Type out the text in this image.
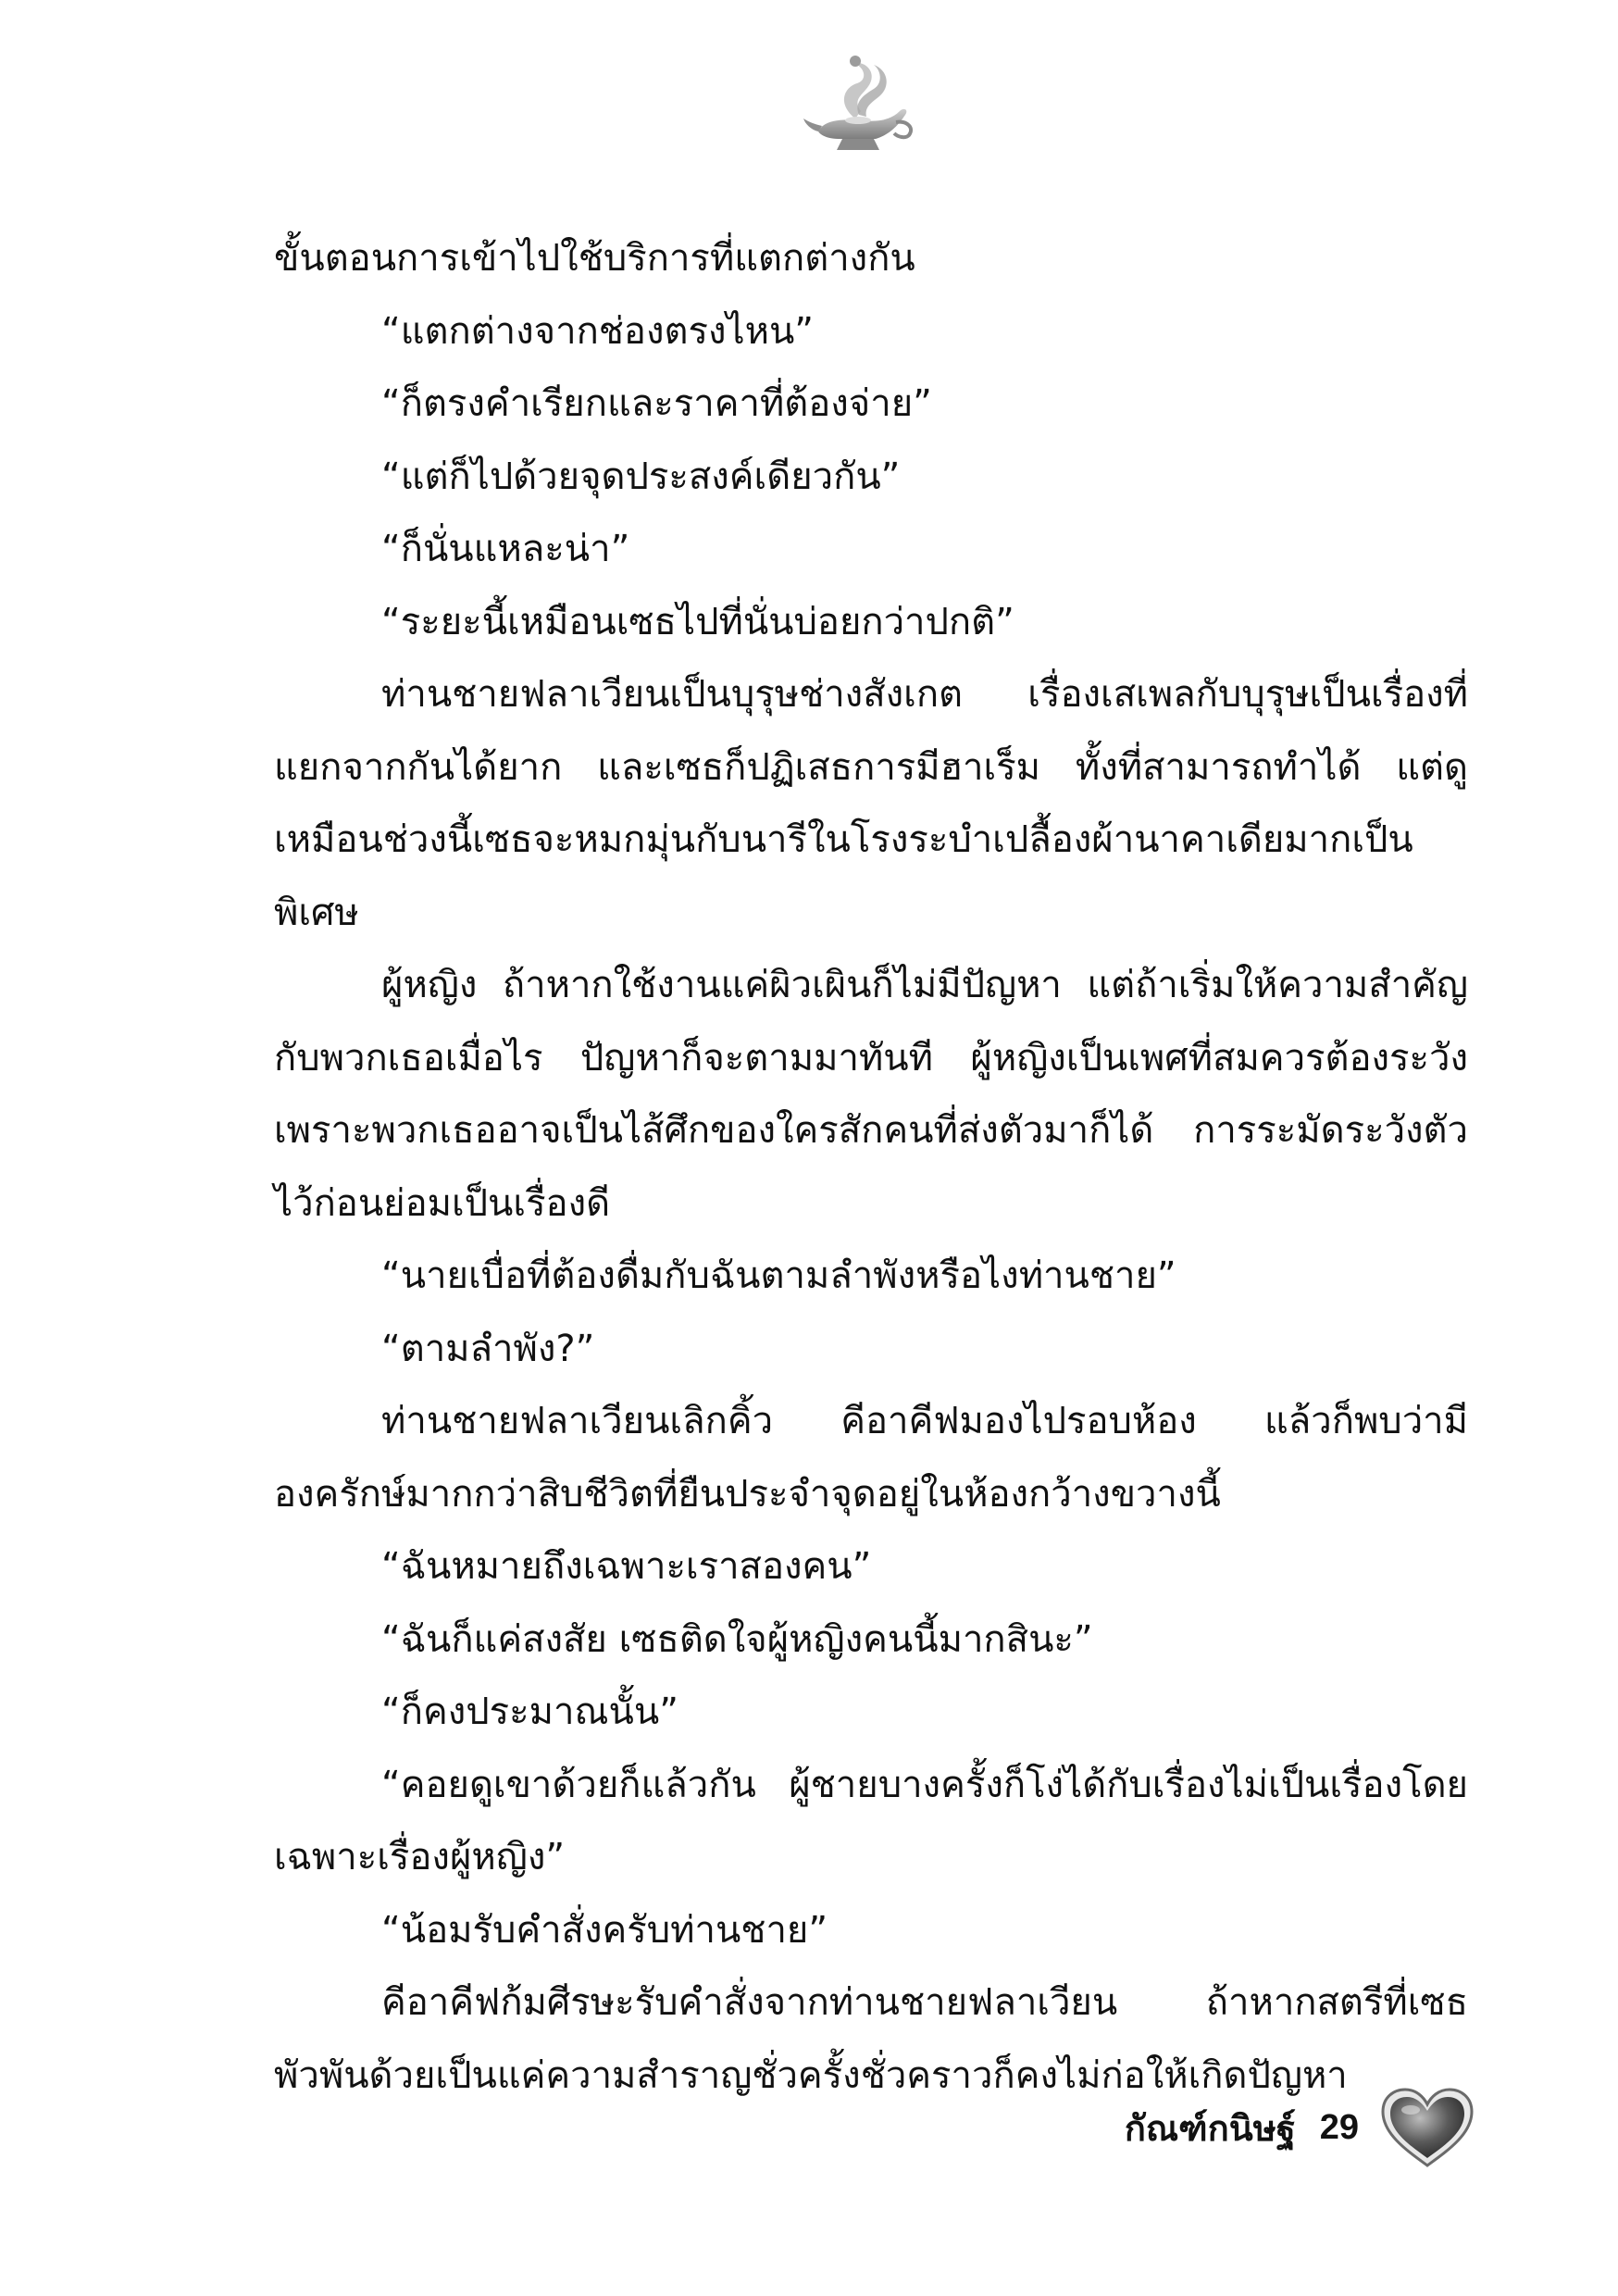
ขั้นตอนการเข้าไปใช้บริการที่แตกต่างกัน

“แตกต่างจากช่องตรงไหน”

“ก็ตรงคำเรียกและราคาที่ต้องจ่าย”

“แต่ก็ไปด้วยจุดประสงค์เดียวกัน”

“ก็นั่นแหละน่า”

“ระยะนี้เหมือนเซธไปที่นั่นบ่อยกว่าปกติ”

ท่านชายฟลาเวียนเป็นบุรุษช่างสังเกต เรื่องเสเพลกับบุรุษเป็นเรื่องที่แยกจากกันได้ยาก และเซธก็ปฏิเสธการมีฮาเร็ม ทั้งที่สามารถทำได้ แต่ดูเหมือนช่วงนี้เซธจะหมกมุ่นกับนารีในโรงระบำเปลื้องผ้านาคาเดียมากเป็นพิเศษ

ผู้หญิง ถ้าหากใช้งานแค่ผิวเผินก็ไม่มีปัญหา แต่ถ้าเริ่มให้ความสำคัญกับพวกเธอเมื่อไร ปัญหาก็จะตามมาทันที ผู้หญิงเป็นเพศที่สมควรต้องระวัง เพราะพวกเธออาจเป็นไส้ศึกของใครสักคนที่ส่งตัวมาก็ได้ การระมัดระวังตัวไว้ก่อนย่อมเป็นเรื่องดี

“นายเบื่อที่ต้องดื่มกับฉันตามลำพังหรือไงท่านชาย”

“ตามลำพัง?”

ท่านชายฟลาเวียนเลิกคิ้ว คีอาคีฟมองไปรอบห้อง แล้วก็พบว่ามีองครักษ์มากกว่าสิบชีวิตที่ยืนประจำจุดอยู่ในห้องกว้างขวางนี้

“ฉันหมายถึงเฉพาะเราสองคน”

“ฉันก็แค่สงสัย เซธติดใจผู้หญิงคนนี้มากสินะ”

“ก็คงประมาณนั้น”

“คอยดูเขาด้วยก็แล้วกัน ผู้ชายบางครั้งก็โง่ได้กับเรื่องไม่เป็นเรื่องโดยเฉพาะเรื่องผู้หญิง”

“น้อมรับคำสั่งครับท่านชาย”

คีอาคีฟก้มศีรษะรับคำสั่งจากท่านชายฟลาเวียน ถ้าหากสตรีที่เซธพัวพันด้วยเป็นแค่ความสำราญชั่วครั้งชั่วคราวก็คงไม่ก่อให้เกิดปัญหา

กัณฑ์กนิษฐ์ 29
